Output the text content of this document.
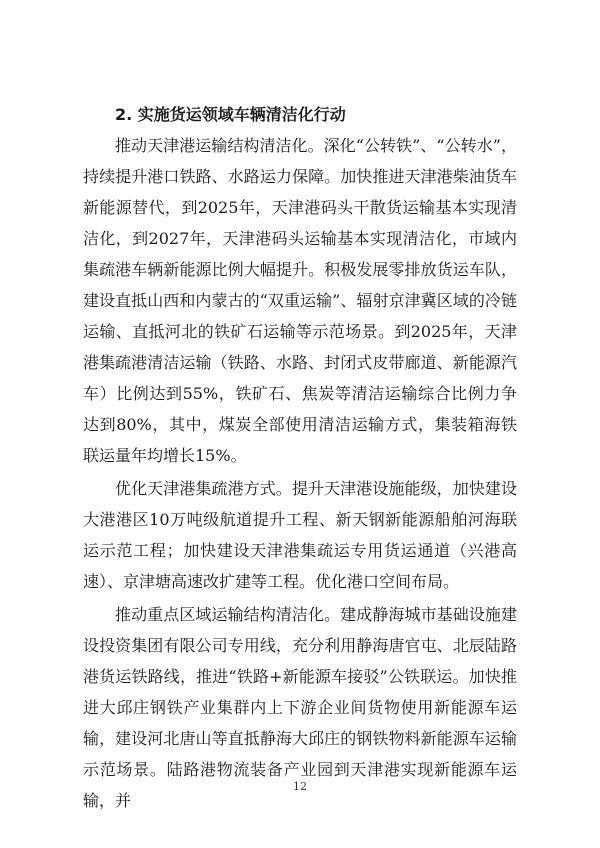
2. 实施货运领域车辆清洁化行动

推动天津港运输结构清洁化。深化“公转铁”、“公转水”，持续提升港口铁路、水路运力保障。加快推进天津港柴油货车新能源替代，到2025年，天津港码头干散货运输基本实现清洁化，到2027年，天津港码头运输基本实现清洁化，市域内集疏港车辆新能源比例大幅提升。积极发展零排放货运车队，建设直抵山西和内蒙古的“双重运输”、辐射京津冀区域的冷链运输、直抵河北的铁矿石运输等示范场景。到2025年，天津港集疏港清洁运输（铁路、水路、封闭式皮带廊道、新能源汽车）比例达到55%，铁矿石、焦炭等清洁运输综合比例力争达到80%，其中，煤炭全部使用清洁运输方式，集装箱海铁联运量年均增长15%。

优化天津港集疏港方式。提升天津港设施能级，加快建设大港港区10万吨级航道提升工程、新天钢新能源船舶河海联运示范工程；加快建设天津港集疏运专用货运通道（兴港高速）、京津塘高速改扩建等工程。优化港口空间布局。

推动重点区域运输结构清洁化。建成静海城市基础设施建设投资集团有限公司专用线，充分利用静海唐官屯、北辰陆路港货运铁路线，推进“铁路+新能源车接驳”公铁联运。加快推进大邱庄钢铁产业集群内上下游企业间货物使用新能源车运输，建设河北唐山等直抵静海大邱庄的钢铁物料新能源车运输示范场景。陆路港物流装备产业园到天津港实现新能源车运输，并

12
